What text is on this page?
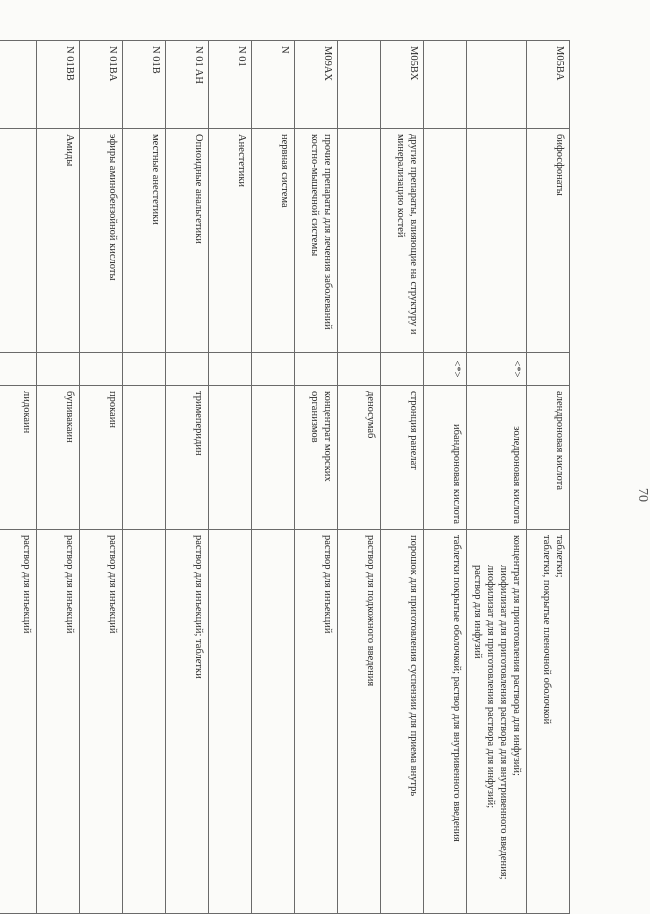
M05BA	бифосфонаты		алендроновая кислота	таблетки;
таблетки, покрытые пленочной оболочкой

		<*>	золедроновая кислота	концентрат для приготовления раствора для инфузий;
лиофилизат для приготовления раствора для внутривенного введения;
лиофилизат для приготовления раствора для инфузий;
раствор для инфузий

		<*>	ибандроновая кислота	таблетки покрытые оболочкой; раствор для внутривенного введения

M05BX	другие препараты, влияющие на структуру и минерализацию костей		стронция ранелат	порошок для приготовления суспензии для приема внутрь

			деносумаб	раствор для подкожного введения

M09AX	прочие препараты для лечения заболеваний костно-мышечной системы		концентрат морских организмов	раствор для инъекций

N	нервная система			
N 01	Анестетики			
N 01 AH	Опиоидные анальгетики		тримеперидин	раствор для инъекций; таблетки

N 01B	местные анестетики			
N 01BA	эфиры аминобензойной кислоты		прокаин	раствор для инъекций

N 01BB	Амиды		бупивакаин	раствор для инъекций

			лидокаин	раствор для инъекций

70
